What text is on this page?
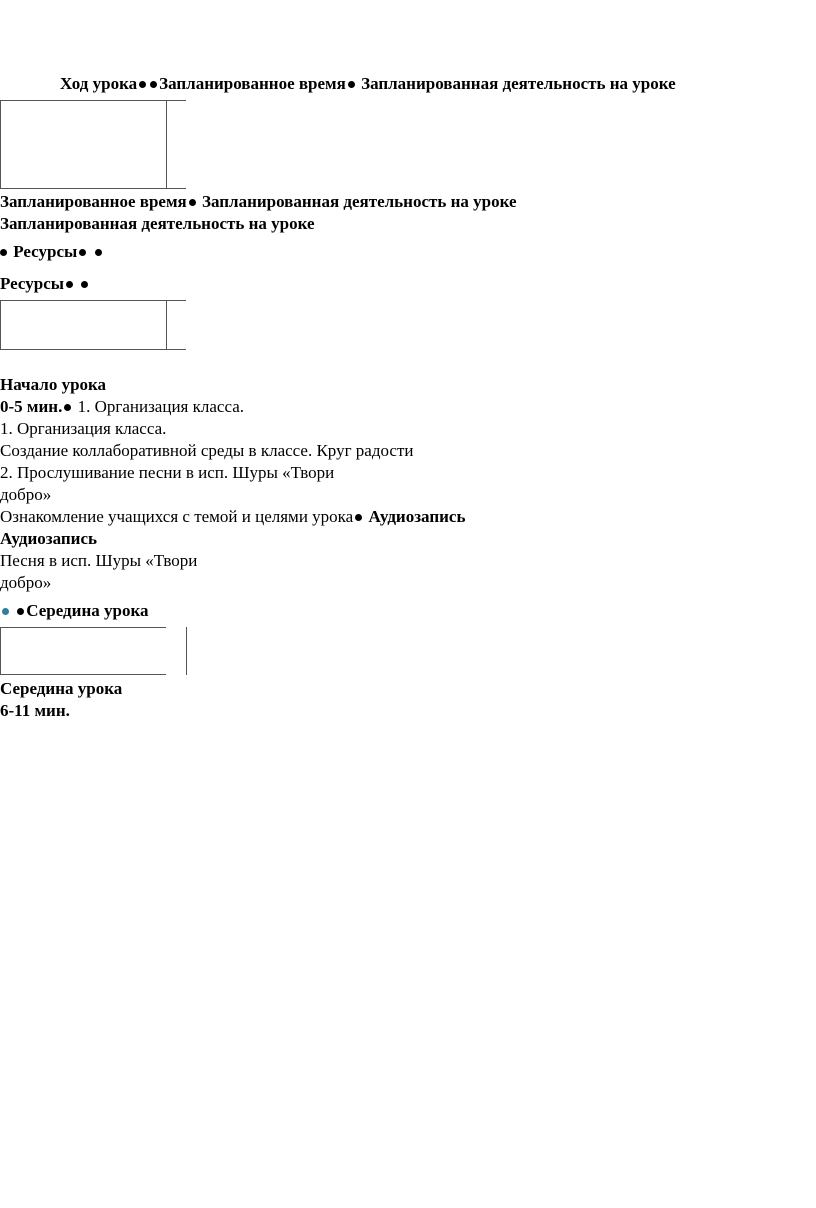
Ход урока Запланированное время Запланированная деятельность на уроке
Запланированное время Запланированная деятельность на уроке
Запланированная деятельность на уроке
Ресурсы
Ресурсы
Начало урока
0-5 мин. 1. Организация класса.
1. Организация класса.
Создание коллаборативной среды в классе. Круг радости
2. Прослушивание песни в исп. Шуры «Твори
добро»
Ознакомление учащихся с темой и целями урока Аудиозапись
Аудиозапись
Песня в исп. Шуры «Твори
добро»
Середина урока
Середина урока
6-11 мин.
